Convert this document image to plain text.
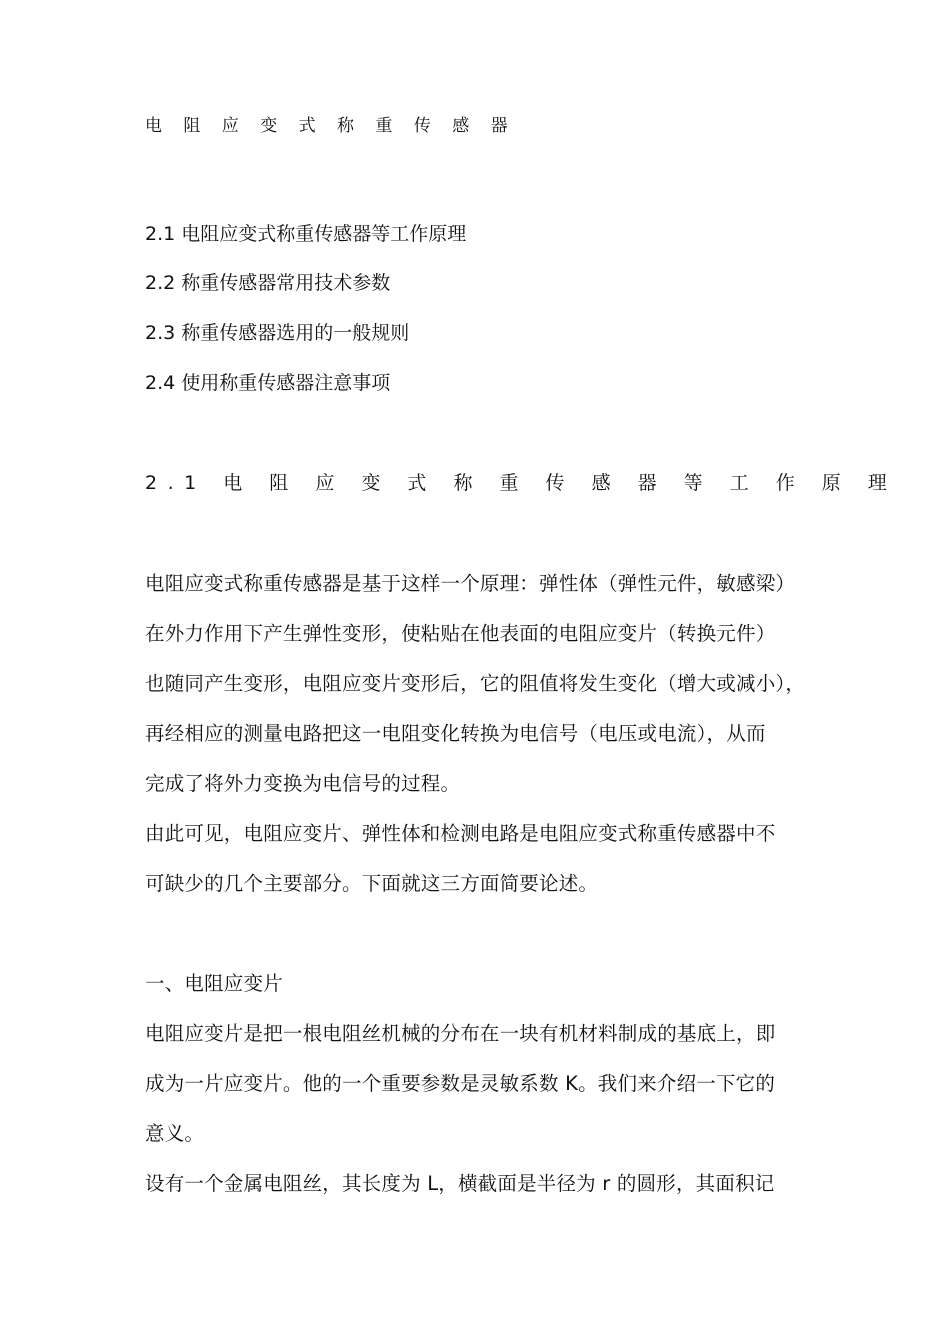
电 阻 应 变 式 称 重 传 感 器
2.1 电阻应变式称重传感器等工作原理
2.2 称重传感器常用技术参数
2.3 称重传感器选用的一般规则
2.4 使用称重传感器注意事项
2.1 电 阻 应 变 式 称 重 传 感 器 等 工 作 原 理
电阻应变式称重传感器是基于这样一个原理：弹性体（弹性元件，敏感梁）
在外力作用下产生弹性变形，使粘贴在他表面的电阻应变片（转换元件）
也随同产生变形，电阻应变片变形后，它的阻值将发生变化（增大或减小），
再经相应的测量电路把这一电阻变化转换为电信号（电压或电流），从而
完成了将外力变换为电信号的过程。
由此可见，电阻应变片、弹性体和检测电路是电阻应变式称重传感器中不
可缺少的几个主要部分。下面就这三方面简要论述。
一、电阻应变片
电阻应变片是把一根电阻丝机械的分布在一块有机材料制成的基底上，即
成为一片应变片。他的一个重要参数是灵敏系数 K。我们来介绍一下它的
意义。
设有一个金属电阻丝，其长度为 L，横截面是半径为 r 的圆形，其面积记
